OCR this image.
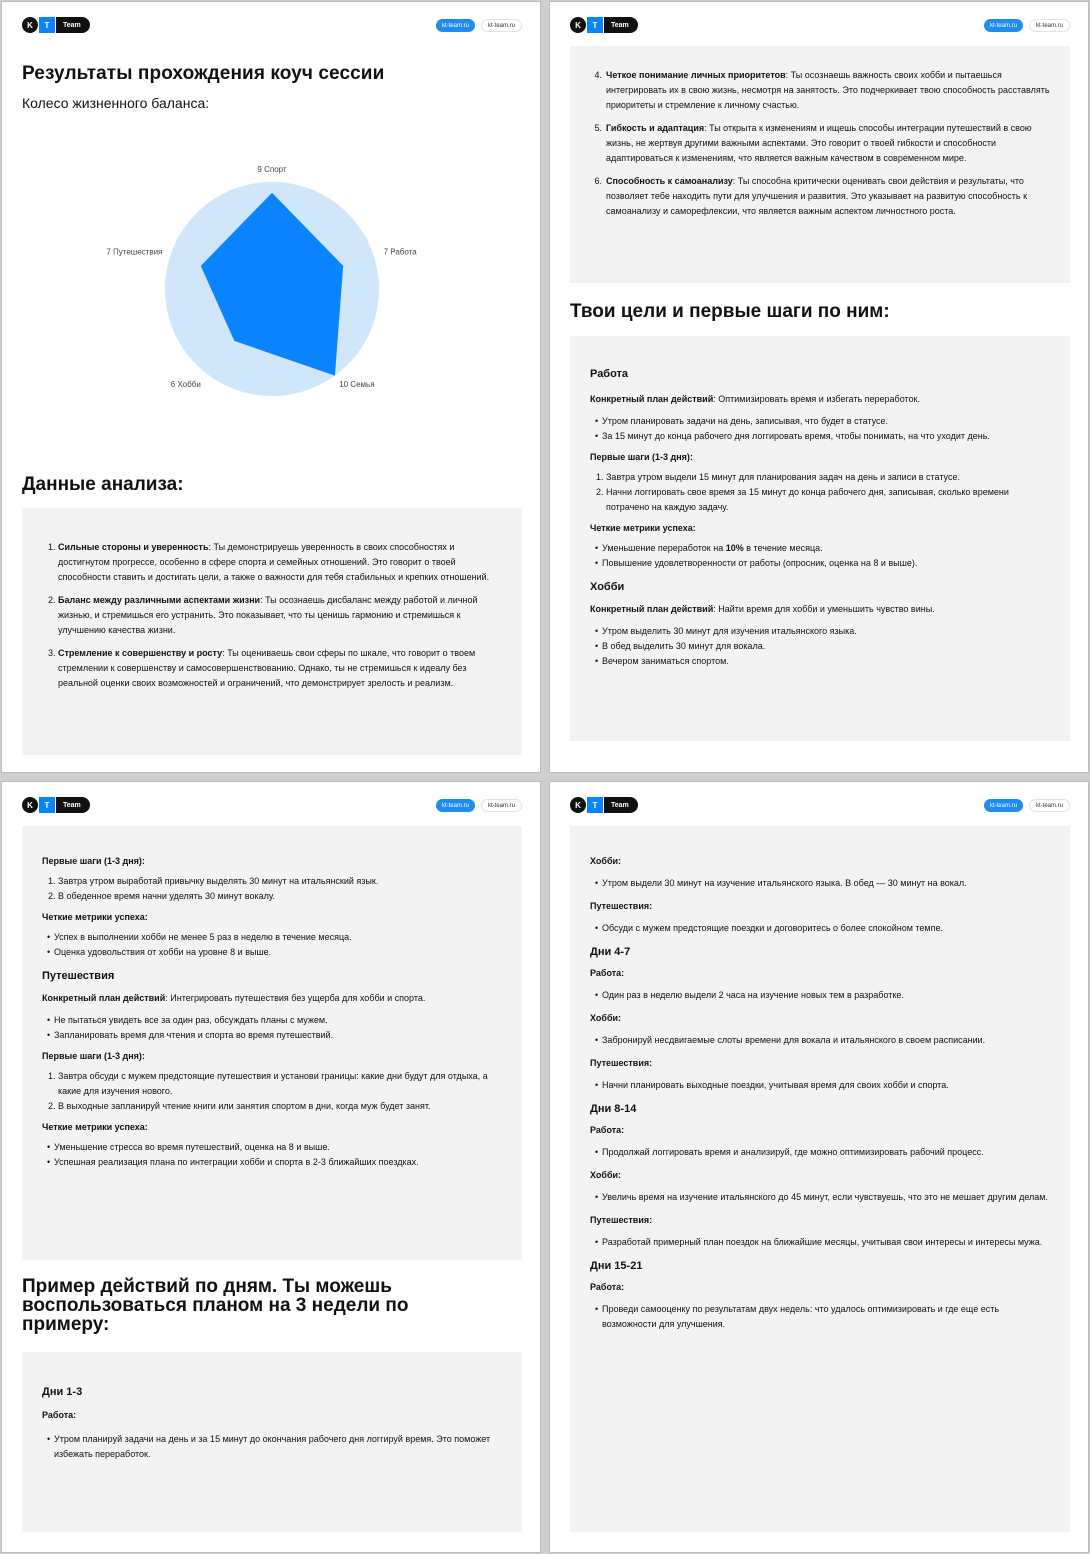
K	T	Team	kt-team.ru	kt-team.ru
Результаты прохождения коуч сессии
Колесо жизненного баланса:
9 Спорт
7 Работа
10 Семья
6 Хобби
7 Путешествия
Данные анализа:
1. Сильные стороны и уверенность: Ты демонстрируешь уверенность в своих способностях и достигнутом прогрессе, особенно в сфере спорта и семейных отношений. Это говорит о твоей способности ставить и достигать цели, а также о важности для тебя стабильных и крепких отношений.
2. Баланс между различными аспектами жизни: Ты осознаешь дисбаланс между работой и личной жизнью, и стремишься его устранить. Это показывает, что ты ценишь гармонию и стремишься к улучшению качества жизни.
3. Стремление к совершенству и росту: Ты оцениваешь свои сферы по шкале, что говорит о твоем стремлении к совершенству и самосовершенствованию. Однако, ты не стремишься к идеалу без реальной оценки своих возможностей и ограничений, что демонстрирует зрелость и реализм.
K	T	Team	kt-team.ru	kt-team.ru
4. Четкое понимание личных приоритетов: Ты осознаешь важность своих хобби и пытаешься интегрировать их в свою жизнь, несмотря на занятость. Это подчеркивает твою способность расставлять приоритеты и стремление к личному счастью.
5. Гибкость и адаптация: Ты открыта к изменениям и ищешь способы интеграции путешествий в свою жизнь, не жертвуя другими важными аспектами. Это говорит о твоей гибкости и способности адаптироваться к изменениям, что является важным качеством в современном мире.
6. Способность к самоанализу: Ты способна критически оценивать свои действия и результаты, что позволяет тебе находить пути для улучшения и развития. Это указывает на развитую способность к самоанализу и саморефлексии, что является важным аспектом личностного роста.
Твои цели и первые шаги по ним:
Работа
Конкретный план действий: Оптимизировать время и избегать переработок.
• Утром планировать задачи на день, записывая, что будет в статусе.
• За 15 минут до конца рабочего дня логгировать время, чтобы понимать, на что уходит день.
Первые шаги (1-3 дня):
1. Завтра утром выдели 15 минут для планирования задач на день и записи в статусе.
2. Начни логгировать свое время за 15 минут до конца рабочего дня, записывая, сколько времени потрачено на каждую задачу.
Четкие метрики успеха:
• Уменьшение переработок на 10% в течение месяца.
• Повышение удовлетворенности от работы (опросник, оценка на 8 и выше).
Хобби
Конкретный план действий: Найти время для хобби и уменьшить чувство вины.
• Утром выделить 30 минут для изучения итальянского языка.
• В обед выделить 30 минут для вокала.
• Вечером заниматься спортом.
K	T	Team	kt-team.ru	kt-team.ru
Первые шаги (1-3 дня):
1. Завтра утром выработай привычку выделять 30 минут на итальянский язык.
2. В обеденное время начни уделять 30 минут вокалу.
Четкие метрики успеха:
• Успех в выполнении хобби не менее 5 раз в неделю в течение месяца.
• Оценка удовольствия от хобби на уровне 8 и выше.
Путешествия
Конкретный план действий: Интегрировать путешествия без ущерба для хобби и спорта.
• Не пытаться увидеть все за один раз, обсуждать планы с мужем.
• Запланировать время для чтения и спорта во время путешествий.
Первые шаги (1-3 дня):
1. Завтра обсуди с мужем предстоящие путешествия и установи границы: какие дни будут для отдыха, а какие для изучения нового.
2. В выходные запланируй чтение книги или занятия спортом в дни, когда муж будет занят.
Четкие метрики успеха:
• Уменьшение стресса во время путешествий, оценка на 8 и выше.
• Успешная реализация плана по интеграции хобби и спорта в 2-3 ближайших поездках.
Пример действий по дням. Ты можешь воспользоваться планом на 3 недели по примеру:
Дни 1-3
Работа:
• Утром планируй задачи на день и за 15 минут до окончания рабочего дня логгируй время. Это поможет избежать переработок.
K	T	Team	kt-team.ru	kt-team.ru
Хобби:
• Утром выдели 30 минут на изучение итальянского языка. В обед — 30 минут на вокал.
Путешествия:
• Обсуди с мужем предстоящие поездки и договоритесь о более спокойном темпе.
Дни 4-7
Работа:
• Один раз в неделю выдели 2 часа на изучение новых тем в разработке.
Хобби:
• Забронируй несдвигаемые слоты времени для вокала и итальянского в своем расписании.
Путешествия:
• Начни планировать выходные поездки, учитывая время для своих хобби и спорта.
Дни 8-14
Работа:
• Продолжай логгировать время и анализируй, где можно оптимизировать рабочий процесс.
Хобби:
• Увеличь время на изучение итальянского до 45 минут, если чувствуешь, что это не мешает другим делам.
Путешествия:
• Разработай примерный план поездок на ближайшие месяцы, учитывая свои интересы и интересы мужа.
Дни 15-21
Работа:
• Проведи самооценку по результатам двух недель: что удалось оптимизировать и где еще есть возможности для улучшения.
